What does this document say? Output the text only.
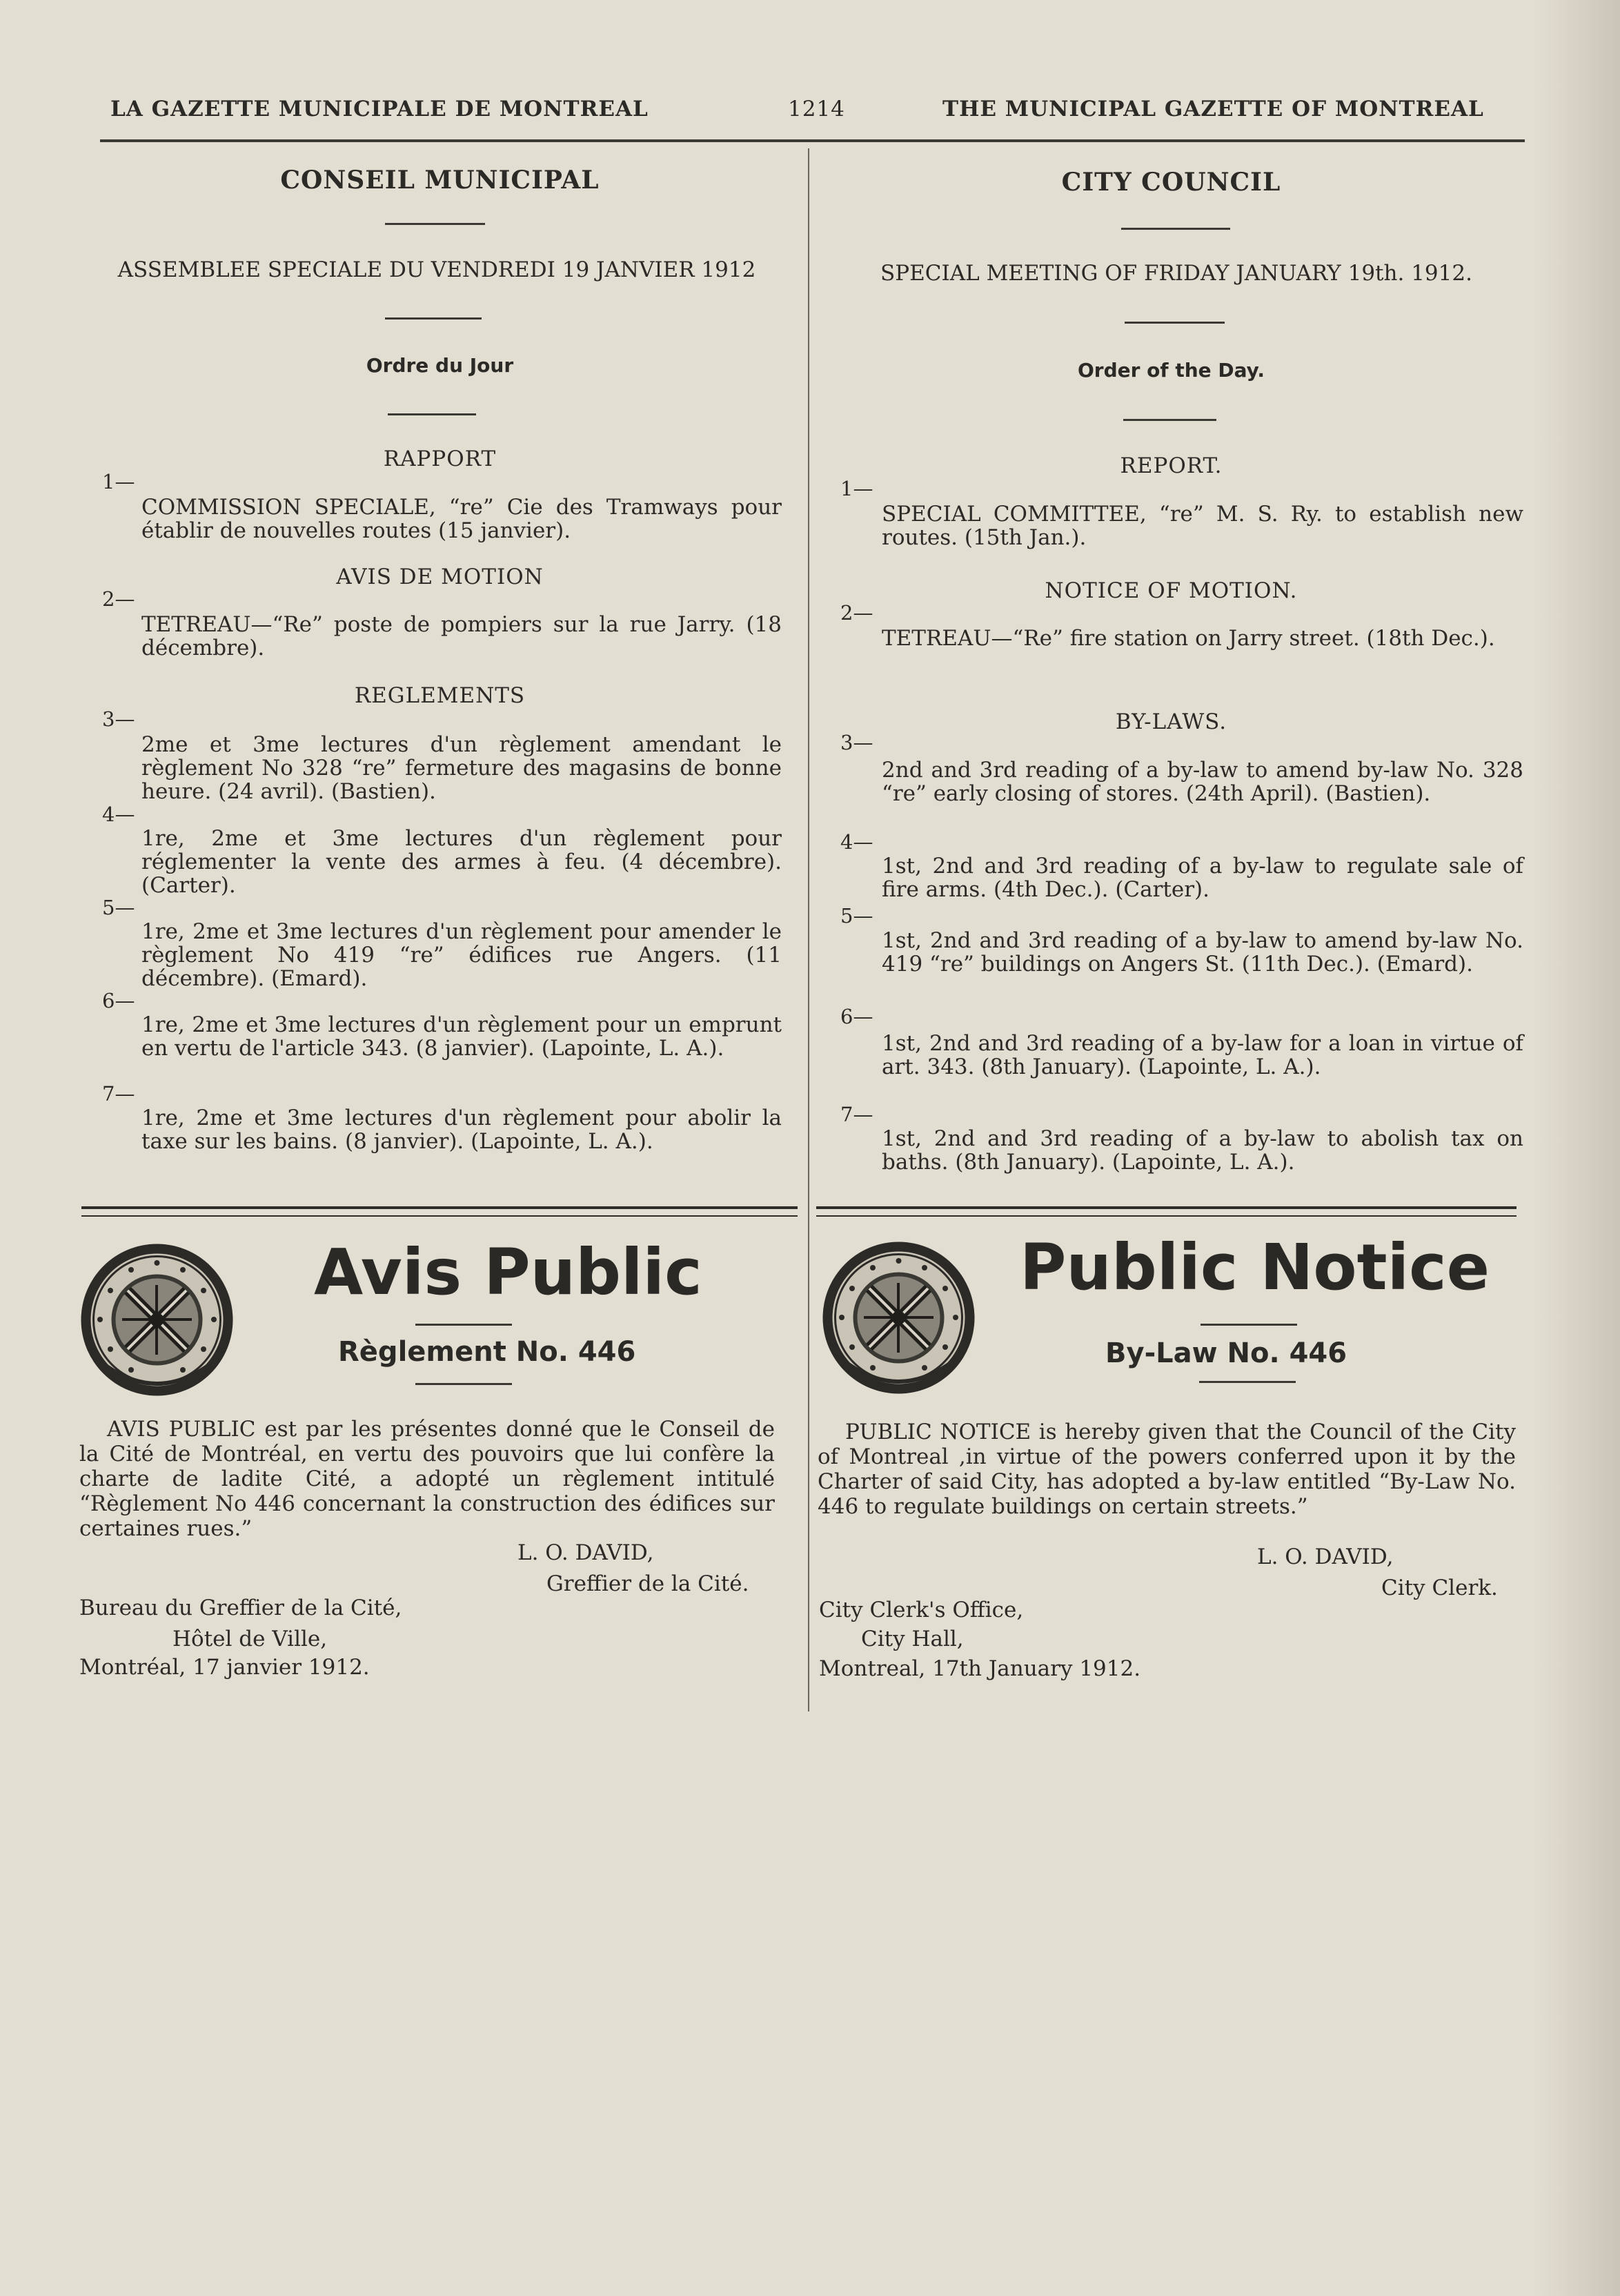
LA GAZETTE MUNICIPALE DE MONTREAL	1214	THE MUNICIPAL GAZETTE OF MONTREAL
CONSEIL MUNICIPAL
ASSEMBLEE SPECIALE DU VENDREDI 19 JANVIER 1912
Ordre du Jour
RAPPORT
1—
COMMISSION SPECIALE, “re” Cie des Tramways pour établir de nouvelles routes (15 janvier).
AVIS DE MOTION
2—
TETREAU—“Re” poste de pompiers sur la rue Jarry. (18 décembre).
REGLEMENTS
3—
2me et 3me lectures d'un règlement amendant le règlement No 328 “re” fermeture des magasins de bonne heure. (24 avril). (Bastien).
4—
1re, 2me et 3me lectures d'un règlement pour réglementer la vente des armes à feu. (4 décembre). (Carter).
5—
1re, 2me et 3me lectures d'un règlement pour amender le règlement No 419 “re” édifices rue Angers. (11 décembre). (Emard).
6—
1re, 2me et 3me lectures d'un règlement pour un emprunt en vertu de l'article 343. (8 janvier). (Lapointe, L. A.).
7—
1re, 2me et 3me lectures d'un règlement pour abolir la taxe sur les bains. (8 janvier). (Lapointe, L. A.).
Avis Public
Règlement No. 446
AVIS PUBLIC est par les présentes donné que le Conseil de la Cité de Montréal, en vertu des pouvoirs que lui confère la charte de ladite Cité, a adopté un règlement intitulé “Règlement No 446 concernant la construction des édifices sur certaines rues.”
L. O. DAVID,
Greffier de la Cité.
Bureau du Greffier de la Cité,
Hôtel de Ville,
Montréal, 17 janvier 1912.
CITY COUNCIL
SPECIAL MEETING OF FRIDAY JANUARY 19th. 1912.
Order of the Day.
REPORT.
1—
SPECIAL COMMITTEE, “re” M. S. Ry. to establish new routes. (15th Jan.).
NOTICE OF MOTION.
2—
TETREAU—“Re” fire station on Jarry street. (18th Dec.).
BY-LAWS.
3—
2nd and 3rd reading of a by-law to amend by-law No. 328 “re” early closing of stores. (24th April). (Bastien).
4—
1st, 2nd and 3rd reading of a by-law to regulate sale of fire arms. (4th Dec.). (Carter).
5—
1st, 2nd and 3rd reading of a by-law to amend by-law No. 419 “re” buildings on Angers St. (11th Dec.). (Emard).
6—
1st, 2nd and 3rd reading of a by-law for a loan in virtue of art. 343. (8th January). (Lapointe, L. A.).
7—
1st, 2nd and 3rd reading of a by-law to abolish tax on baths. (8th January). (Lapointe, L. A.).
Public Notice
By-Law No. 446
PUBLIC NOTICE is hereby given that the Council of the City of Montreal ,in virtue of the powers conferred upon it by the Charter of said City, has adopted a by-law entitled “By-Law No. 446 to regulate buildings on certain streets.”
L. O. DAVID,
City Clerk.
City Clerk's Office,
City Hall,
Montreal, 17th January 1912.
